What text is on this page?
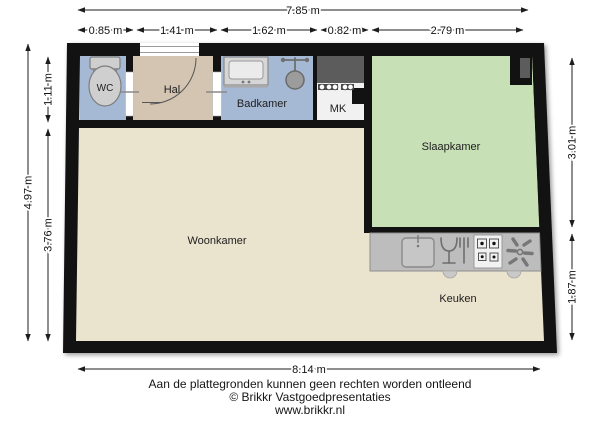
WC	Hal
Badkamer	MK
Slaapkamer
Woonkamer
Keuken
7.85 m
0.85 m	1.41 m	1.62 m	0.82 m	2.79 m
4.97 m
1.11 m
3.76 m
3.01 m
1.87 m
8.14 m
Aan de plattegronden kunnen geen rechten worden ontleend
© Brikkr Vastgoedpresentaties
www.brikkr.nl
